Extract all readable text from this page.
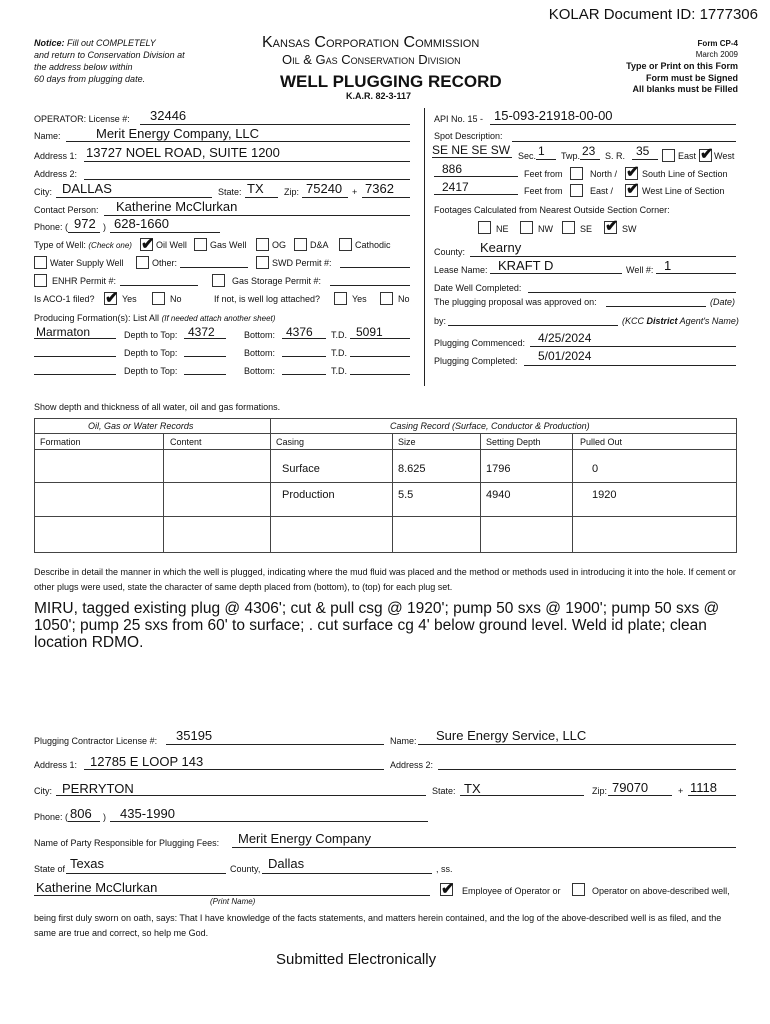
KOLAR Document ID: 1777306
Notice: Fill out COMPLETELY
and return to Conservation Division at
the address below within
60 days from plugging date.
Kansas Corporation Commission
Oil & Gas Conservation Division
WELL PLUGGING RECORD
K.A.R. 82-3-117
Form CP-4
March 2009
Type or Print on this Form
Form must be Signed
All blanks must be Filled
OPERATOR: License #: 32446
Name:	Merit Energy Company, LLC
Address 1: 13727 NOEL ROAD, SUITE 1200
Address 2:
City: DALLAS	State: TX Zip: 75240 + 7362
Contact Person: Katherine McClurkan
Phone: ( 972 ) 628-1660
Type of Well: (Check one) ✔ Oil Well	Gas Well	OG	D&A	Cathodic
Water Supply Well	Other:	SWD Permit #:
ENHR Permit #:	Gas Storage Permit #:
Is ACO-1 filed? ✔ Yes	No	If not, is well log attached?	Yes	No
Producing Formation(s): List All (If needed attach another sheet)
Marmaton	Depth to Top: 4372	Bottom: 4376 T.D. 5091
Depth to Top:	Bottom:	T.D.
Depth to Top:	Bottom:	T.D.
API No. 15 - 15-093-21918-00-00
Spot Description:
SE NE SE SW Sec. 1 Twp. 23 S. R. 35	East ✔ West
886	Feet from	North / ✔ South Line of Section
2417	Feet from	East / ✔ West Line of Section
Footages Calculated from Nearest Outside Section Corner:
NE	NW	SE ✔ SW
County: Kearny
Lease Name: KRAFT D	Well #: 1
Date Well Completed:
The plugging proposal was approved on:	(Date)
by:	(KCC District Agent's Name)
Plugging Commenced: 4/25/2024
Plugging Completed: 5/01/2024
Show depth and thickness of all water, oil and gas formations.
Oil, Gas or Water Records	Casing Record (Surface, Conductor & Production)
Formation	Content	Casing	Size	Setting Depth	Pulled Out
Surface	8.625	1796	0
Production	5.5	4940	1920
Describe in detail the manner in which the well is plugged, indicating where the mud fluid was placed and the method or methods used in introducing it into the hole. If cement or other plugs were used, state the character of same depth placed from (bottom), to (top) for each plug set.
MIRU, tagged existing plug @ 4306'; cut & pull csg @ 1920'; pump 50 sxs @ 1900'; pump 50 sxs @ 1050'; pump 25 sxs from 60' to surface; . cut surface cg 4' below ground level. Weld id plate; clean location RDMO.
Plugging Contractor License #: 35195	Name: Sure Energy Service, LLC
Address 1: 12785 E LOOP 143	Address 2:
City: PERRYTON	State: TX	Zip: 79070	+ 1118
Phone: ( 806 ) 435-1990
Name of Party Responsible for Plugging Fees: Merit Energy Company
State of Texas	County, Dallas	, ss.
Katherine McClurkan
(Print Name)
✔ Employee of Operator or	Operator on above-described well,
being first duly sworn on oath, says: That I have knowledge of the facts statements, and matters herein contained, and the log of the above-described well is as filed, and the same are true and correct, so help me God.
Submitted Electronically
